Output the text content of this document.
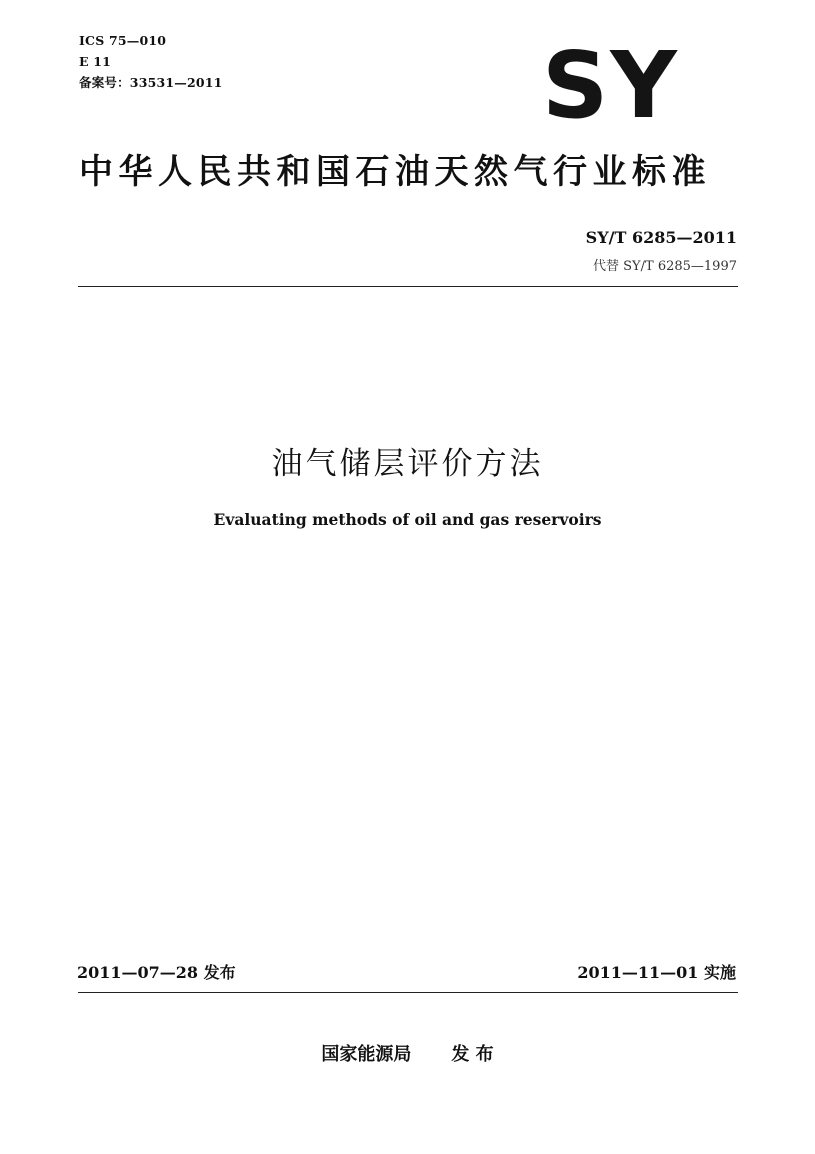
ICS 75—010
E 11
备案号：33531—2011	SY
中华人民共和国石油天然气行业标准
SY/T 6285—2011
代替 SY/T 6285—1997
油气储层评价方法
Evaluating methods of oil and gas reservoirs
2011—07—28 发布	2011—11—01 实施
国家能源局 发 布
